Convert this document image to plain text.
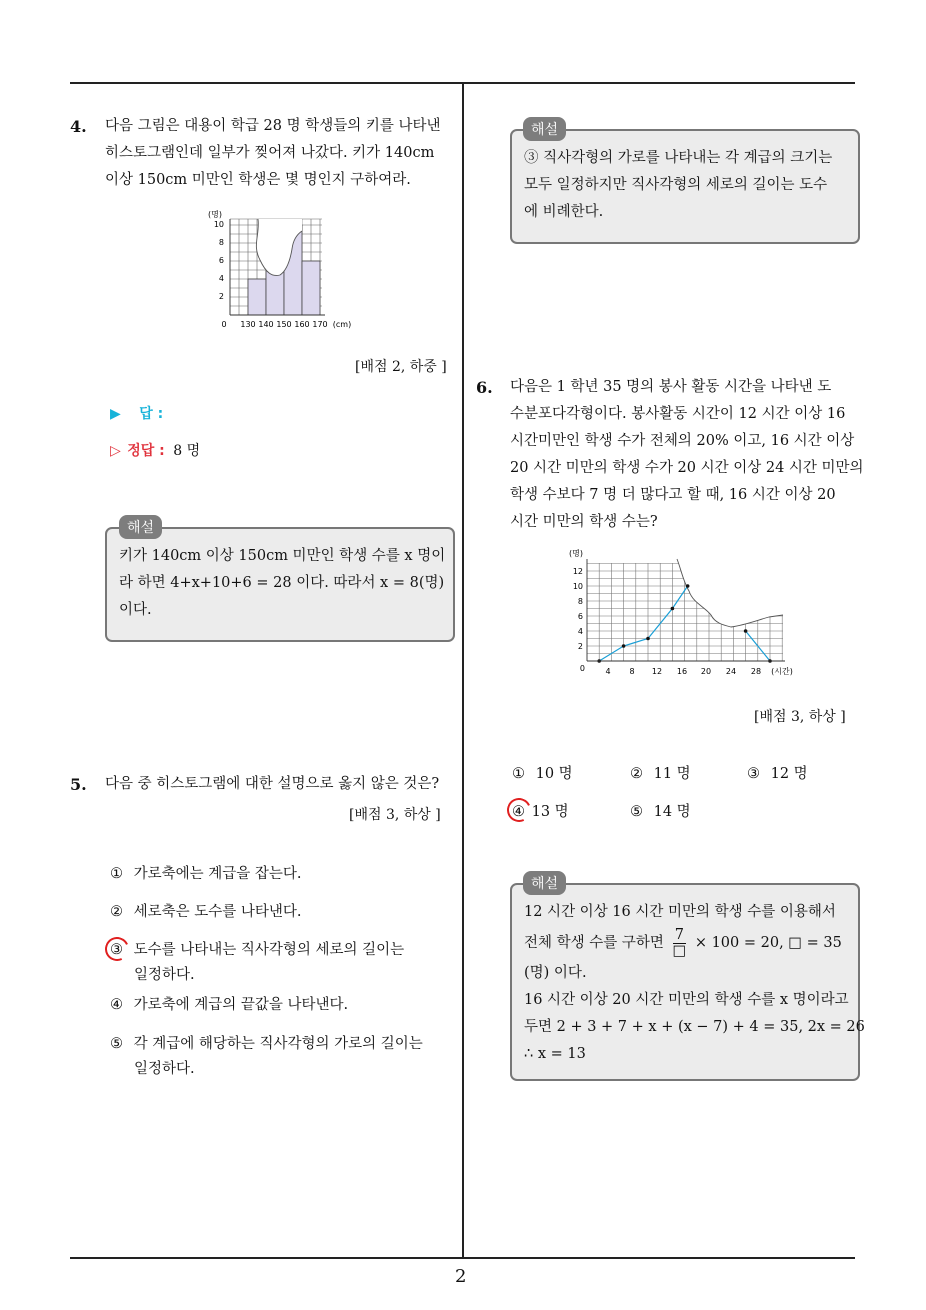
2
4. 다음 그림은 대용이 학급 28 명 학생들의 키를 나타낸
히스토그램인데 일부가 찢어져 나갔다. 키가 140cm
이상 150cm 미만인 학생은 몇 명인지 구하여라.
(명)
2
4
6
8
10
0 130 140 150 160 170 (cm)
[배점 2, 하중 ]
▶ 답 :
▷ 정답 : 8 명
키가 140cm 이상 150cm 미만인 학생 수를 x 명이
라 하면 4+x+10+6 = 28 이다. 따라서 x = 8(명)
이다.
해설
5. 다음 중 히스토그램에 대한 설명으로 옳지 않은 것은?
[배점 3, 하상 ]
① 가로축에는 계급을 잡는다.
② 세로축은 도수를 나타낸다.
③ 도수를 나타내는 직사각형의 세로의 길이는
일정하다.
④ 가로축에 계급의 끝값을 나타낸다.
⑤ 각 계급에 해당하는 직사각형의 가로의 길이는
일정하다.
③ 직사각형의 가로를 나타내는 각 계급의 크기는
모두 일정하지만 직사각형의 세로의 길이는 도수
에 비례한다.
해설
6. 다음은 1 학년 35 명의 봉사 활동 시간을 나타낸 도
수분포다각형이다. 봉사활동 시간이 12 시간 이상 16
시간미만인 학생 수가 전체의 20% 이고, 16 시간 이상
20 시간 미만의 학생 수가 20 시간 이상 24 시간 미만의
학생 수보다 7 명 더 많다고 할 때, 16 시간 이상 20
시간 미만의 학생 수는?
(명)
2
4
6
8
10
12
0	4 8 12 16 20 24 28 (시간)
[배점 3, 하상 ]
① 10 명	② 11 명	③ 12 명
④ 13 명	⑤ 14 명
12 시간 이상 16 시간 미만의 학생 수를 이용해서
전체 학생 수를 구하면
7
□ × 100 = 20, □ = 35
(명) 이다.
16 시간 이상 20 시간 미만의 학생 수를 x 명이라고
두면 2 + 3 + 7 + x + (x − 7) + 4 = 35, 2x = 26
∴ x = 13
해설
